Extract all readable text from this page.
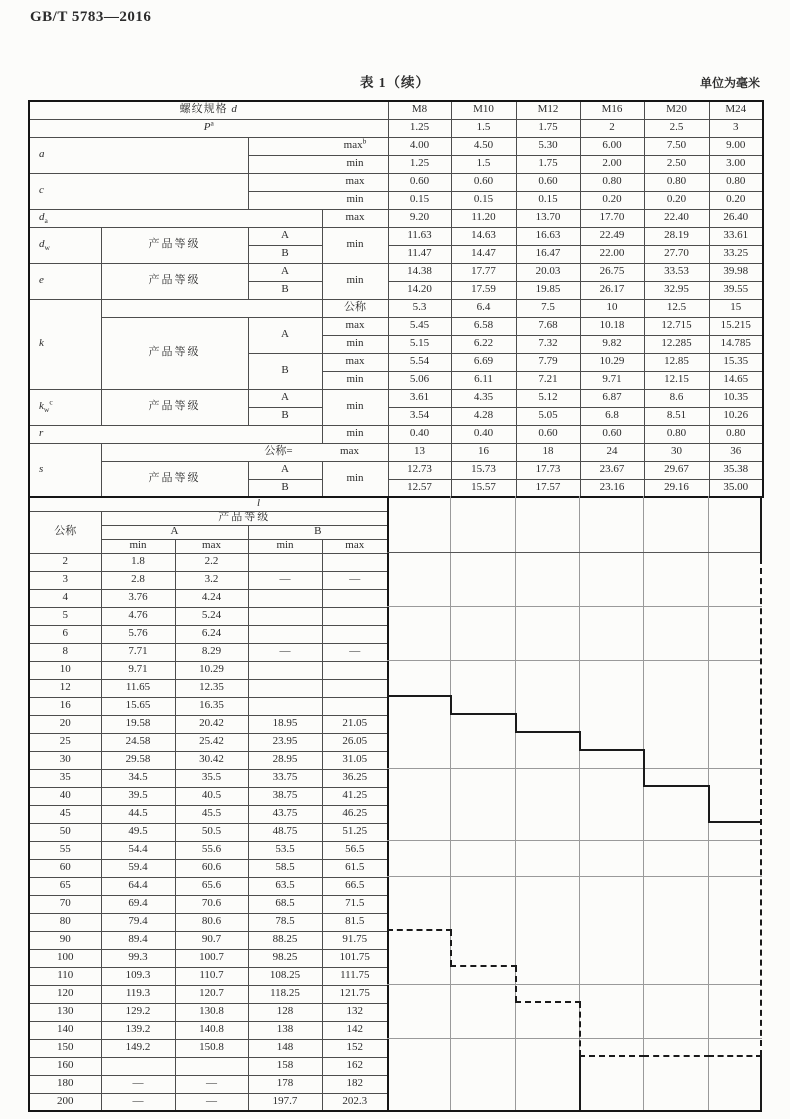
GB/T 5783—2016
表 1（续）	单位为毫米
螺纹规格 d				M8	M10	M12	M16	M20	M24
$P^a$				1.25	1.5	1.75	2	2.5	3
a		$\max^b$		4.00	4.50	5.30	6.00	7.50	9.00
		min		1.25	1.5	1.75	2.00	2.50	3.00
c		max		0.60	0.60	0.60	0.80	0.80	0.80
		min		0.15	0.15	0.15	0.20	0.20	0.20
$d_a$			max	9.20	11.20	13.70	17.70	22.40	26.40
$d_w$	产品等级	A	min	11.63	14.63	16.63	22.49	28.19	33.61
		B		11.47	14.47	16.47	22.00	27.70	33.25
e	产品等级	A	min	14.38	17.77	20.03	26.75	33.53	39.98
		B		14.20	17.59	19.85	26.17	32.95	39.55
k			公称	5.3	6.4	7.5	10	12.5	15
	产品等级	A	max	5.45	6.58	7.68	10.18	12.715	15.215
			min	5.15	6.22	7.32	9.82	12.285	14.785
		B	max	5.54	6.69	7.79	10.29	12.85	15.35
			min	5.06	6.11	7.21	9.71	12.15	14.65
$k_w^c$	产品等级	A	min	3.61	4.35	5.12	6.87	8.6	10.35
		B		3.54	4.28	5.05	6.8	8.51	10.26
r			min	0.40	0.40	0.60	0.60	0.80	0.80
s	公称= max			13	16	18	24	30	36
	产品等级	A	min	12.73	15.73	17.73	23.67	29.67	35.38
		B		12.57	15.57	17.57	23.16	29.16	35.00
l				
公称	产品等级			
	A		B	
	min	max	min	max
2	1.8	2.2		
3	2.8	3.2	—	—
4	3.76	4.24		
5	4.76	5.24		
6	5.76	6.24		
8	7.71	8.29	—	—
10	9.71	10.29		
12	11.65	12.35		
16	15.65	16.35		
20	19.58	20.42	18.95	21.05
25	24.58	25.42	23.95	26.05
30	29.58	30.42	28.95	31.05
35	34.5	35.5	33.75	36.25
40	39.5	40.5	38.75	41.25
45	44.5	45.5	43.75	46.25
50	49.5	50.5	48.75	51.25
55	54.4	55.6	53.5	56.5
60	59.4	60.6	58.5	61.5
65	64.4	65.6	63.5	66.5
70	69.4	70.6	68.5	71.5
80	79.4	80.6	78.5	81.5
90	89.4	90.7	88.25	91.75
100	99.3	100.7	98.25	101.75
110	109.3	110.7	108.25	111.75
120	119.3	120.7	118.25	121.75
130	129.2	130.8	128	132
140	139.2	140.8	138	142
150	149.2	150.8	148	152
160			158	162
180	—	—	178	182
200	—	—	197.7	202.3
